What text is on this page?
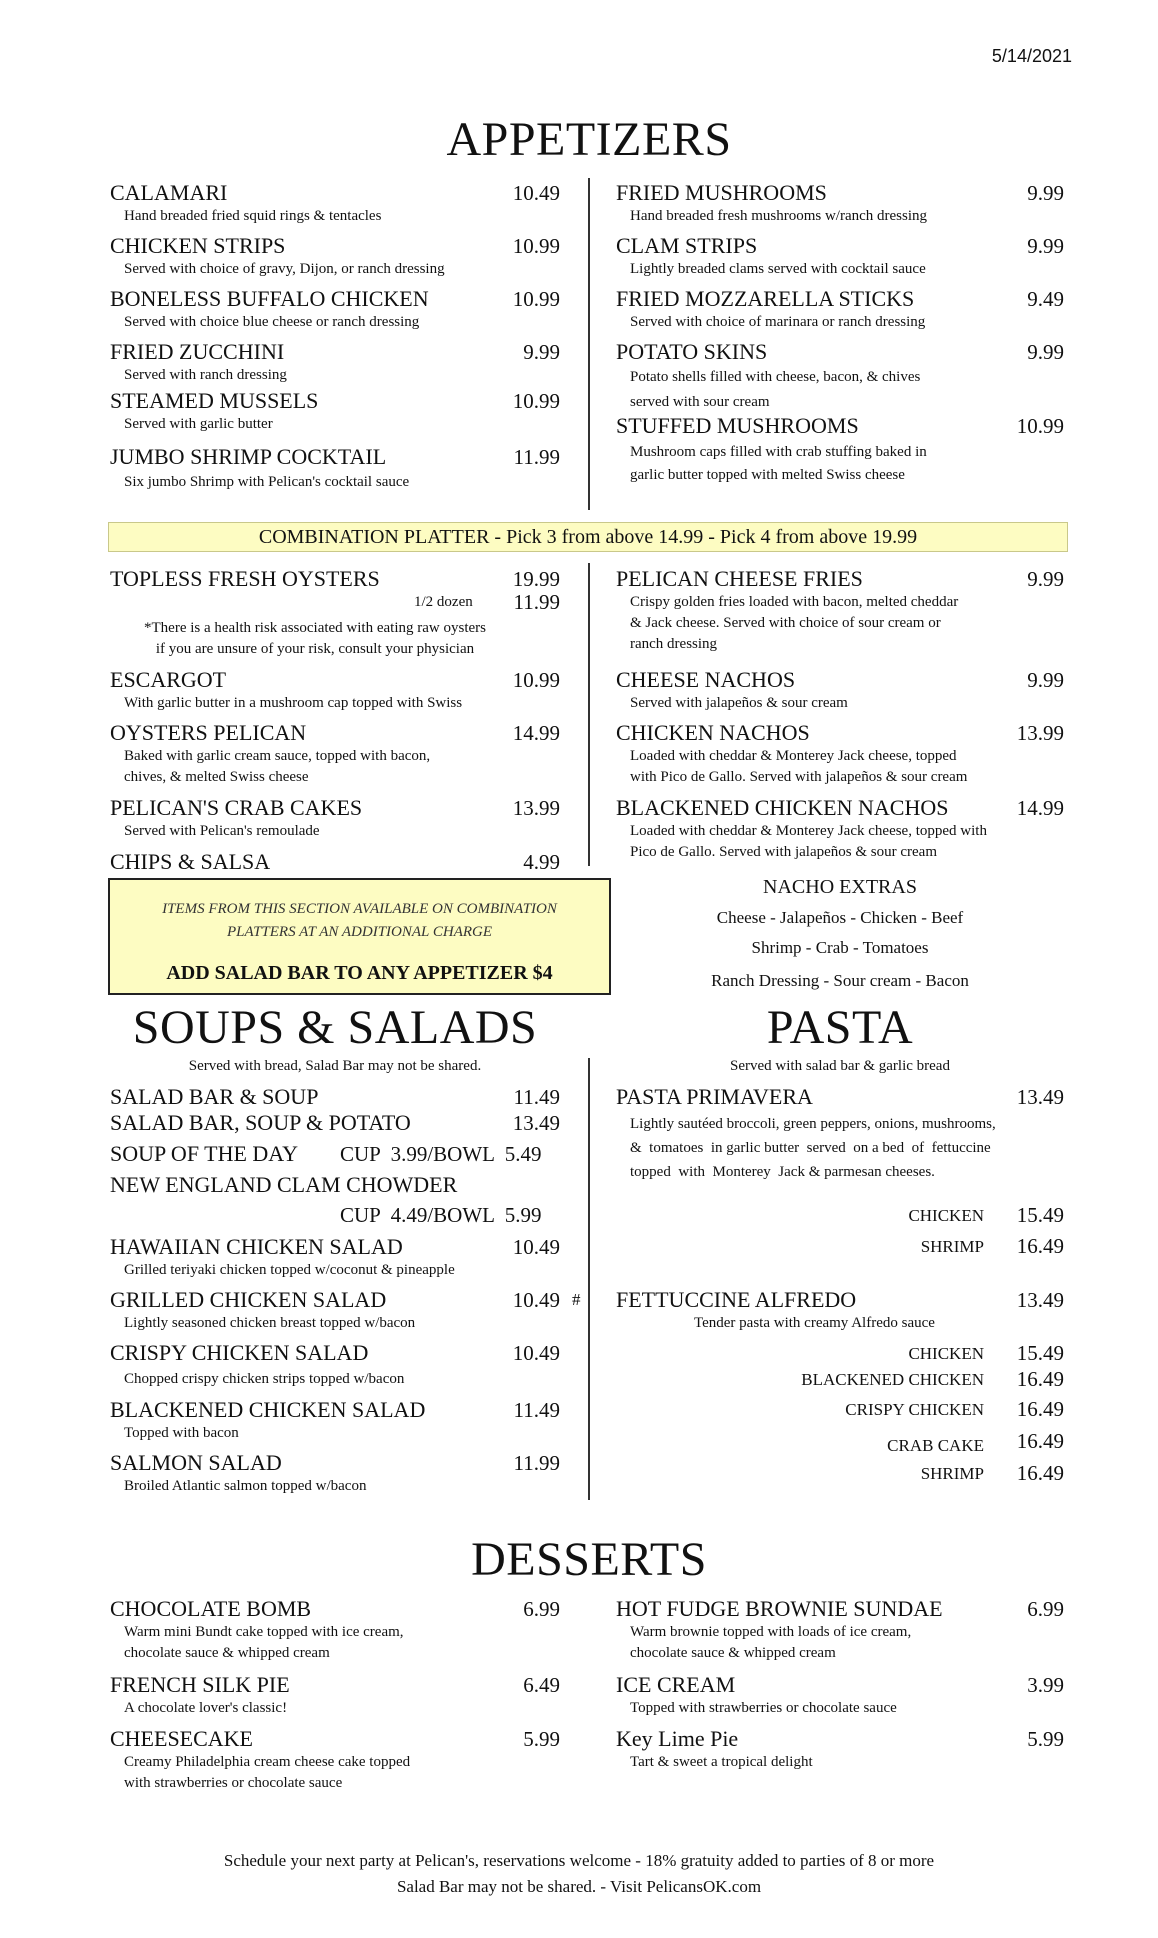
5/14/2021
APPETIZERS
CALAMARI	10.49
Hand breaded fried squid rings & tentacles
CHICKEN STRIPS	10.99
Served with choice of gravy, Dijon, or ranch dressing
BONELESS BUFFALO CHICKEN	10.99
Served with choice blue cheese or ranch dressing
FRIED ZUCCHINI	9.99
Served with ranch dressing
STEAMED MUSSELS	10.99
Served with garlic butter
JUMBO SHRIMP COCKTAIL	11.99
Six jumbo Shrimp with Pelican's cocktail sauce
FRIED MUSHROOMS	9.99
Hand breaded fresh mushrooms w/ranch dressing
CLAM STRIPS	9.99
Lightly breaded clams served with cocktail sauce
FRIED MOZZARELLA STICKS	9.49
Served with choice of marinara or ranch dressing
POTATO SKINS	9.99
Potato shells filled with cheese, bacon, & chives
served with sour cream
STUFFED MUSHROOMS	10.99
Mushroom caps filled with crab stuffing baked in
garlic butter topped with melted Swiss cheese
COMBINATION PLATTER - Pick 3 from above 14.99 - Pick 4 from above 19.99
TOPLESS FRESH OYSTERS	19.99
1/2 dozen 11.99
*There is a health risk associated with eating raw oysters
if you are unsure of your risk, consult your physician
ESCARGOT	10.99
With garlic butter in a mushroom cap topped with Swiss
OYSTERS PELICAN	14.99
Baked with garlic cream sauce, topped with bacon,
chives, & melted Swiss cheese
PELICAN'S CRAB CAKES	13.99
Served with Pelican's remoulade
CHIPS & SALSA	4.99
PELICAN CHEESE FRIES	9.99
Crispy golden fries loaded with bacon, melted cheddar
& Jack cheese. Served with choice of sour cream or
ranch dressing
CHEESE NACHOS	9.99
Served with jalapeños & sour cream
CHICKEN NACHOS	13.99
Loaded with cheddar & Monterey Jack cheese, topped
with Pico de Gallo. Served with jalapeños & sour cream
BLACKENED CHICKEN NACHOS	14.99
Loaded with cheddar & Monterey Jack cheese, topped with
Pico de Gallo. Served with jalapeños & sour cream
ITEMS FROM THIS SECTION AVAILABLE ON COMBINATION
PLATTERS AT AN ADDITIONAL CHARGE
ADD SALAD BAR TO ANY APPETIZER $4
NACHO EXTRAS
Cheese - Jalapeños - Chicken - Beef
Shrimp - Crab - Tomatoes
Ranch Dressing - Sour cream - Bacon
SOUPS & SALADS	PASTA
Served with bread, Salad Bar may not be shared.	Served with salad bar & garlic bread
SALAD BAR & SOUP	11.49
SALAD BAR, SOUP & POTATO	13.49
SOUP OF THE DAY	CUP  3.99/BOWL  5.49
NEW ENGLAND CLAM CHOWDER
CUP  4.49/BOWL  5.99
HAWAIIAN CHICKEN SALAD	10.49
Grilled teriyaki chicken topped w/coconut & pineapple
GRILLED CHICKEN SALAD	10.49
Lightly seasoned chicken breast topped w/bacon
CRISPY CHICKEN SALAD	10.49
Chopped crispy chicken strips topped w/bacon
BLACKENED CHICKEN SALAD	11.49
Topped with bacon
SALMON SALAD	11.99
Broiled Atlantic salmon topped w/bacon
#
PASTA PRIMAVERA	13.49
Lightly sautéed broccoli, green peppers, onions, mushrooms,
&  tomatoes  in garlic butter  served  on a bed  of  fettuccine
topped  with  Monterey  Jack & parmesan cheeses.
CHICKEN 15.49
SHRIMP 16.49
FETTUCCINE ALFREDO	13.49
Tender pasta with creamy Alfredo sauce
CHICKEN 15.49
BLACKENED CHICKEN 16.49
CRISPY CHICKEN 16.49
CRAB CAKE 16.49
SHRIMP 16.49
DESSERTS
CHOCOLATE BOMB	6.99
Warm mini Bundt cake topped with ice cream,
chocolate sauce & whipped cream
FRENCH SILK PIE	6.49
A chocolate lover's classic!
CHEESECAKE	5.99
Creamy Philadelphia cream cheese cake topped
with strawberries or chocolate sauce
HOT FUDGE BROWNIE SUNDAE	6.99
Warm brownie topped with loads of ice cream,
chocolate sauce & whipped cream
ICE CREAM	3.99
Topped with strawberries or chocolate sauce
Key Lime Pie	5.99
Tart & sweet a tropical delight
Schedule your next party at Pelican's, reservations welcome - 18% gratuity added to parties of 8 or more
Salad Bar may not be shared. - Visit PelicansOK.com
